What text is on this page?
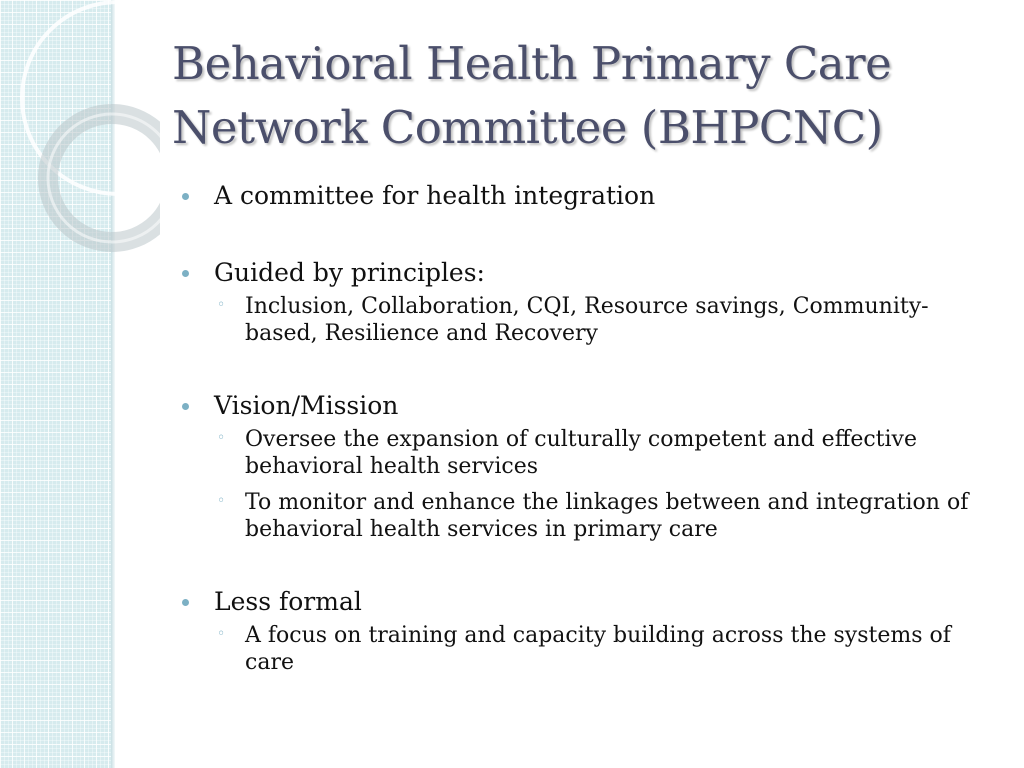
Behavioral Health Primary Care
Network Committee (BHPCNC)
A committee for health integration
Guided by principles:
◦ Inclusion, Collaboration, CQI, Resource savings, Community-based, Resilience and Recovery
Vision/Mission
◦ Oversee the expansion of culturally competent and effective behavioral health services
◦ To monitor and enhance the linkages between and integration of behavioral health services in primary care
Less formal
◦ A focus on training and capacity building across the systems of care
